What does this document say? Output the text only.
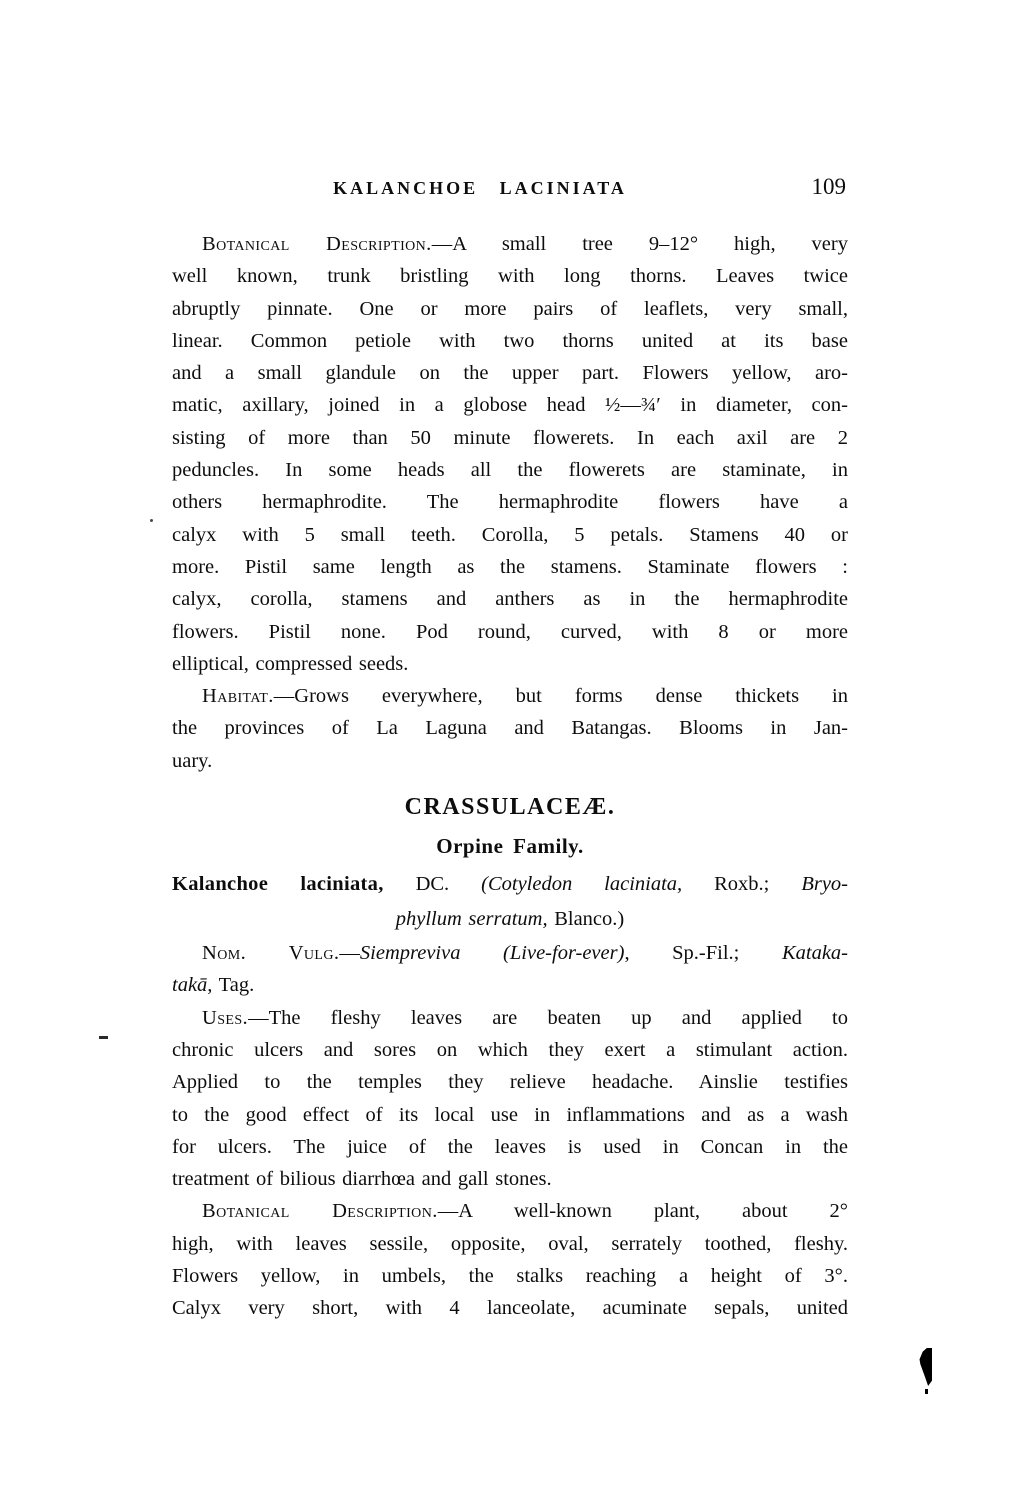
KALANCHOE LACINIATA	109
Botanical Description.—A small tree 9–12° high, very
well known, trunk bristling with long thorns. Leaves twice
abruptly pinnate. One or more pairs of leaflets, very small,
linear. Common petiole with two thorns united at its base
and a small glandule on the upper part. Flowers yellow, aro-
matic, axillary, joined in a globose head ½—¾′ in diameter, con-
sisting of more than 50 minute flowerets. In each axil are 2
peduncles. In some heads all the flowerets are staminate, in
others hermaphrodite. The hermaphrodite flowers have a
calyx with 5 small teeth. Corolla, 5 petals. Stamens 40 or
more. Pistil same length as the stamens. Staminate flowers :
calyx, corolla, stamens and anthers as in the hermaphrodite
flowers. Pistil none. Pod round, curved, with 8 or more
elliptical, compressed seeds.
Habitat.—Grows everywhere, but forms dense thickets in
the provinces of La Laguna and Batangas. Blooms in Jan-
uary.
CRASSULACEÆ.
Orpine Family.
Kalanchoe laciniata, DC. (Cotyledon laciniata, Roxb.; Bryo-
phyllum serratum, Blanco.)
Nom. Vulg.—Siempreviva (Live-for-ever), Sp.-Fil.; Kataka-
takā, Tag.
Uses.—The fleshy leaves are beaten up and applied to
chronic ulcers and sores on which they exert a stimulant action.
Applied to the temples they relieve headache. Ainslie testifies
to the good effect of its local use in inflammations and as a wash
for ulcers. The juice of the leaves is used in Concan in the
treatment of bilious diarrhœa and gall stones.
Botanical Description.—A well-known plant, about 2°
high, with leaves sessile, opposite, oval, serrately toothed, fleshy.
Flowers yellow, in umbels, the stalks reaching a height of 3°.
Calyx very short, with 4 lanceolate, acuminate sepals, united
